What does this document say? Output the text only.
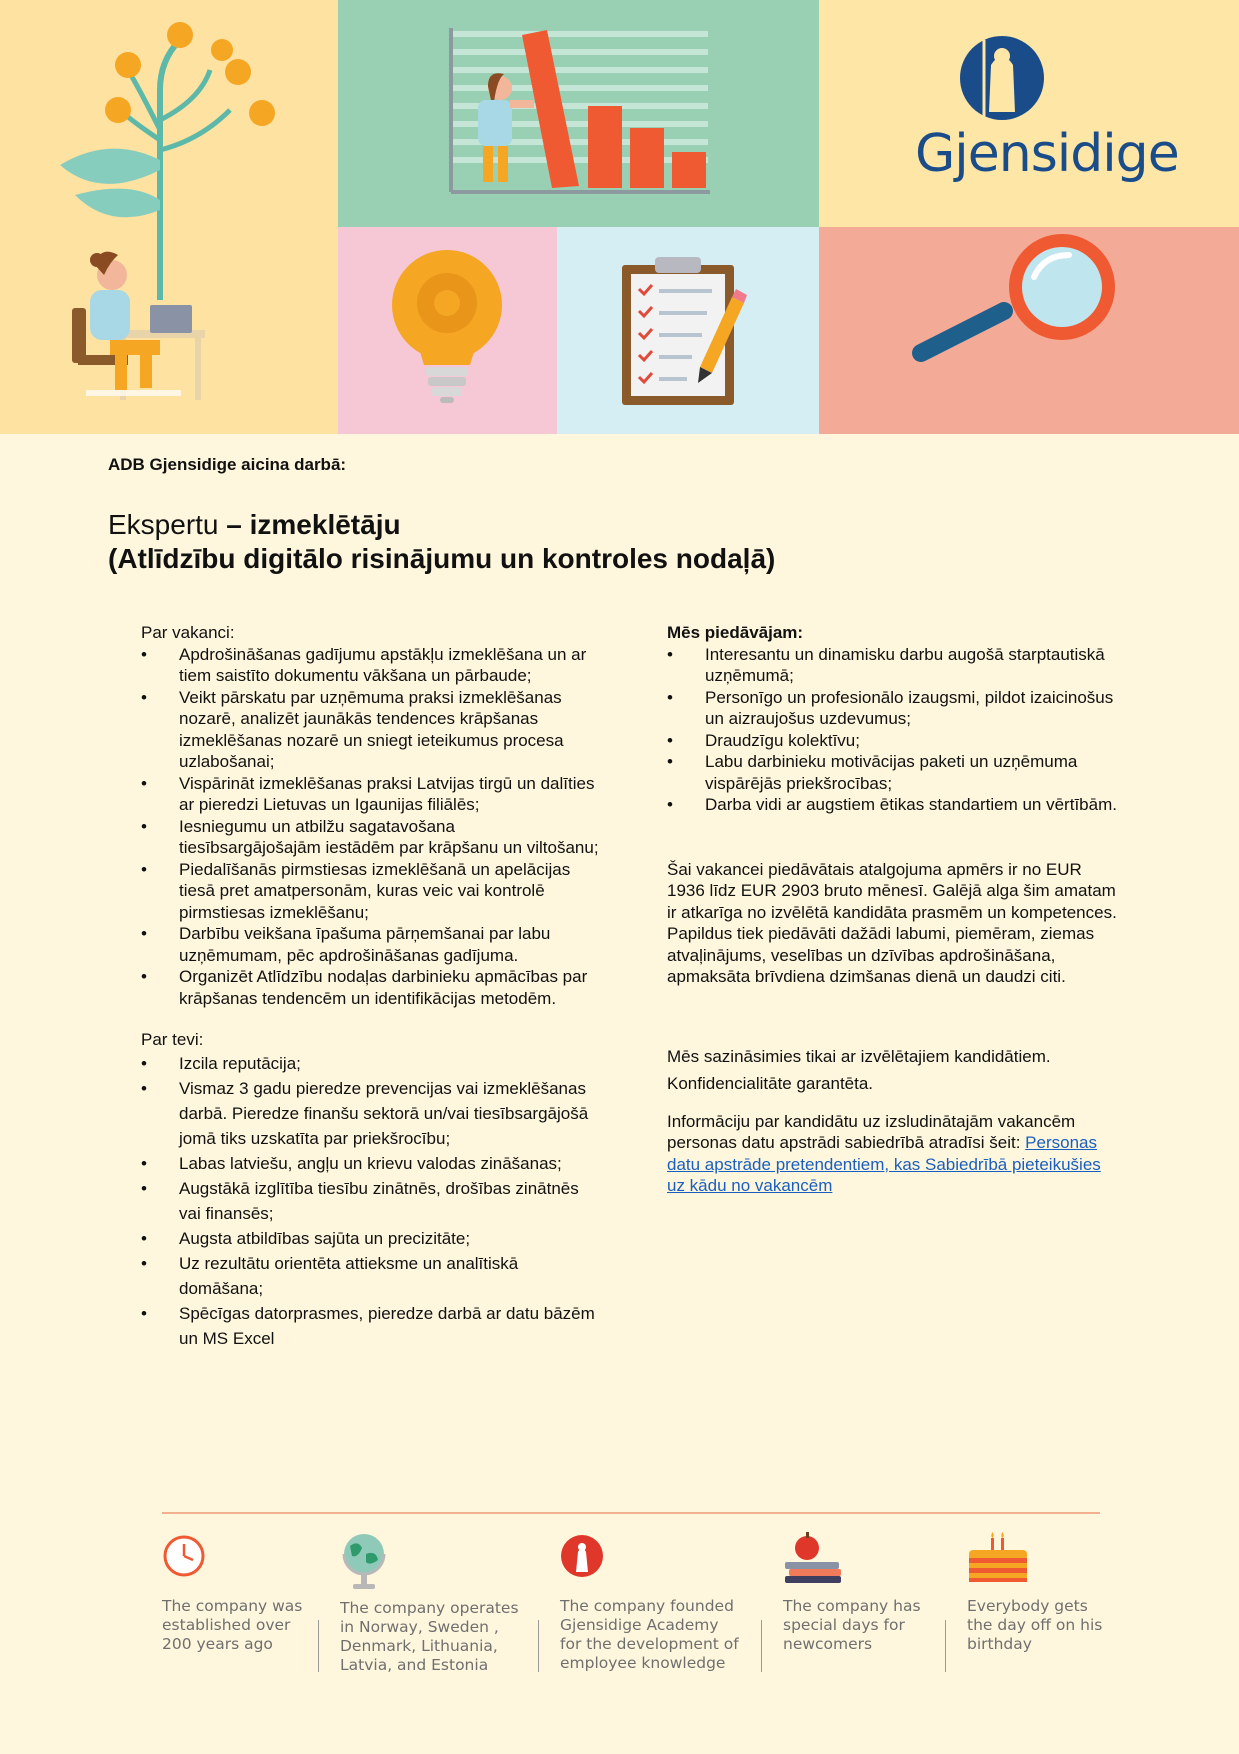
Gjensidige
ADB Gjensidige aicina darbā:
Ekspertu – izmeklētāju
(Atlīdzību digitālo risinājumu un kontroles nodaļā)

Par vakanci:

• Apdrošināšanas gadījumu apstākļu izmeklēšana un ar tiem saistīto dokumentu vākšana un pārbaude;
• Veikt pārskatu par uzņēmuma praksi izmeklēšanas nozarē, analizēt jaunākās tendences krāpšanas izmeklēšanas nozarē un sniegt ieteikumus procesa uzlabošanai;
• Vispārināt izmeklēšanas praksi Latvijas tirgū un dalīties ar pieredzi Lietuvas un Igaunijas filiālēs;
• Iesniegumu un atbilžu sagatavošana tiesībsargājošajām iestādēm par krāpšanu un viltošanu;
• Piedalīšanās pirmstiesas izmeklēšanā un apelācijas tiesā pret amatpersonām, kuras veic vai kontrolē pirmstiesas izmeklēšanu;
• Darbību veikšana īpašuma pārņemšanai par labu uzņēmumam, pēc apdrošināšanas gadījuma.
• Organizēt Atlīdzību nodaļas darbinieku apmācības par krāpšanas tendencēm un identifikācijas metodēm.

Par tevi:

• Izcila reputācija;
• Vismaz 3 gadu pieredze prevencijas vai izmeklēšanas darbā. Pieredze finanšu sektorā un/vai tiesībsargājošā jomā tiks uzskatīta par priekšrocību;
• Labas latviešu, angļu un krievu valodas zināšanas;
• Augstākā izglītība tiesību zinātnēs, drošības zinātnēs vai finansēs;
• Augsta atbildības sajūta un precizitāte;
• Uz rezultātu orientēta attieksme un analītiskā domāšana;
• Spēcīgas datorprasmes, pieredze darbā ar datu bāzēm un MS Excel

Mēs piedāvājam:

• Interesantu un dinamisku darbu augošā starptautiskā uzņēmumā;
• Personīgo un profesionālo izaugsmi, pildot izaicinošus un aizraujošus uzdevumus;
• Draudzīgu kolektīvu;
• Labu darbinieku motivācijas paketi un uzņēmuma vispārējās priekšrocības;
• Darba vidi ar augstiem ētikas standartiem un vērtībām.

Šai vakancei piedāvātais atalgojuma apmērs ir no EUR 1936 līdz EUR 2903 bruto mēnesī. Galējā alga šim amatam ir atkarīga no izvēlētā kandidāta prasmēm un kompetences. Papildus tiek piedāvāti dažādi labumi, piemēram, ziemas atvaļinājums, veselības un dzīvības apdrošināšana, apmaksāta brīvdiena dzimšanas dienā un daudzi citi.

Mēs sazināsimies tikai ar izvēlētajiem kandidātiem.

Konfidencialitāte garantēta.

Informāciju par kandidātu uz izsludinātajām vakancēm personas datu apstrādi sabiedrībā atradīsi šeit: Personas datu apstrāde pretendentiem, kas Sabiedrībā pieteikušies uz kādu no vakancēm

The company was
established over
200 years ago
The company operates
in Norway, Sweden ,
Denmark, Lithuania,
Latvia, and Estonia
The company founded
Gjensidige Academy
for the development of
employee knowledge
The company has
special days for
newcomers
Everybody gets
the day off on his
birthday
